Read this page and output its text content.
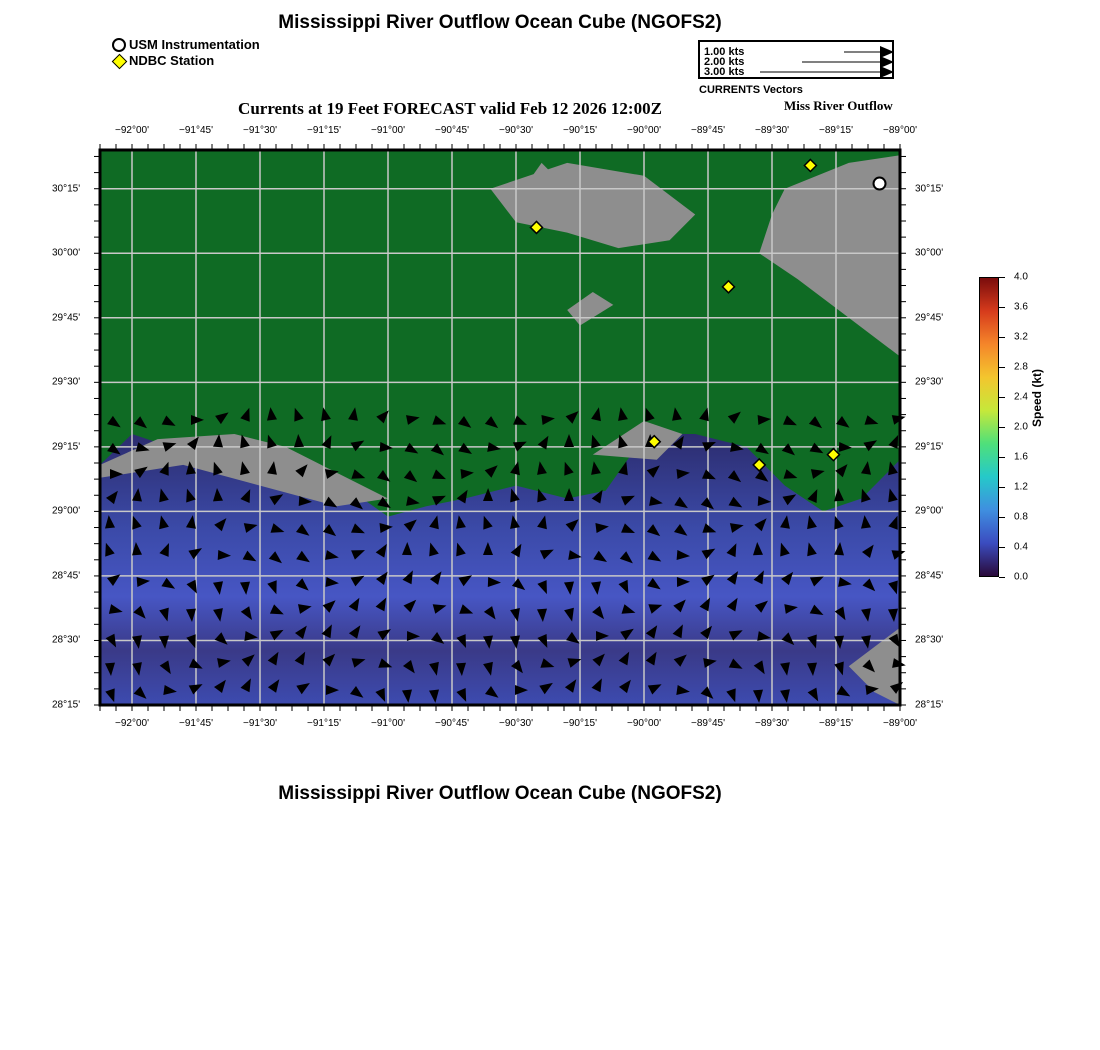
Mississippi River Outflow Ocean Cube (NGOFS2)
USM Instrumentation
NDBC Station
1.00 kts
2.00 kts
3.00 kts
CURRENTS Vectors
Currents at 19 Feet FORECAST valid Feb 12 2026 12:00Z	Miss River Outflow
−92°00'
−92°00'
−91°45'
−91°45'
−91°30'
−91°30'
−91°15'
−91°15'
−91°00'
−91°00'
−90°45'
−90°45'
−90°30'
−90°30'
−90°15'
−90°15'
−90°00'
−90°00'
−89°45'
−89°45'
−89°30'
−89°30'
−89°15'
−89°15'
−89°00'
−89°00'
30°15'	30°15'
30°00'	30°00'
29°45'	29°45'
29°30'	29°30'
29°15'	29°15'
29°00'	29°00'
28°45'	28°45'
28°30'	28°30'
28°15'	28°15'
4.0
3.6
3.2
2.8
2.4
2.0
1.6
1.2
0.8
0.4
0.0
Speed (kt)
Mississippi River Outflow Ocean Cube (NGOFS2)
